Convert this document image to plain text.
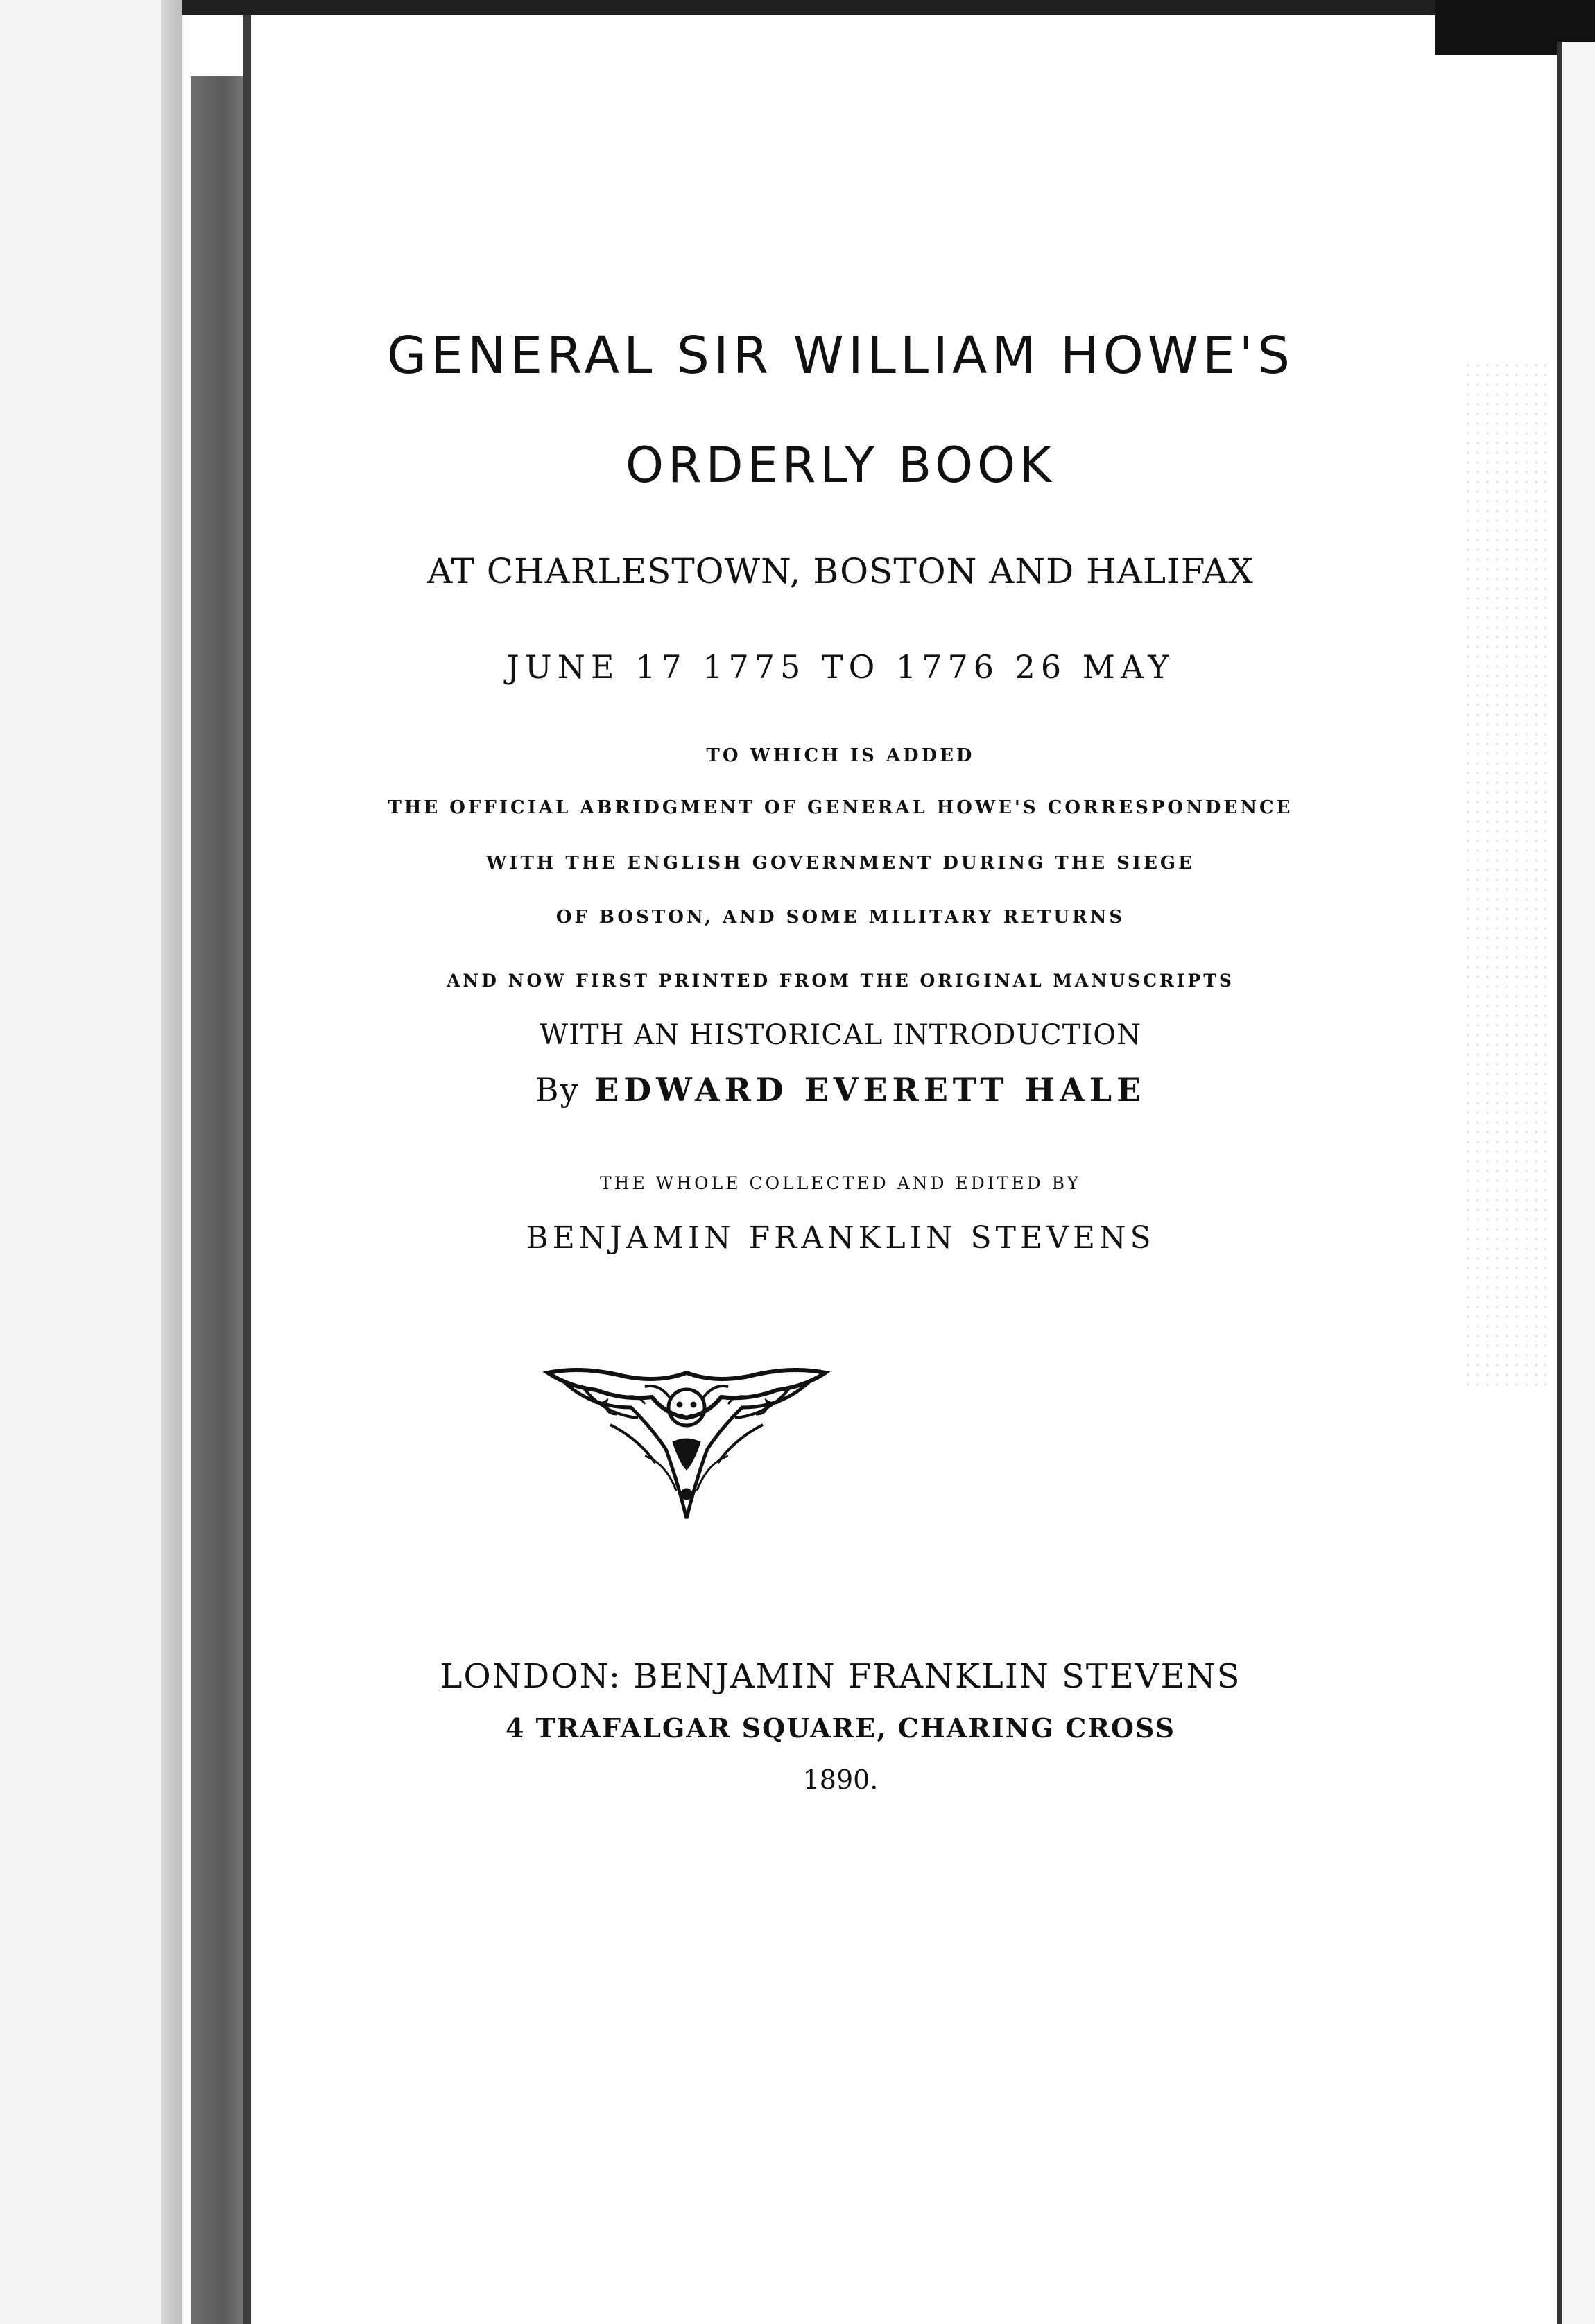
GENERAL SIR WILLIAM HOWE'S
ORDERLY BOOK

AT CHARLESTOWN, BOSTON AND HALIFAX

JUNE 17 1775 TO 1776 26 MAY

TO WHICH IS ADDED

THE OFFICIAL ABRIDGMENT OF GENERAL HOWE'S CORRESPONDENCE

WITH THE ENGLISH GOVERNMENT DURING THE SIEGE

OF BOSTON, AND SOME MILITARY RETURNS

AND NOW FIRST PRINTED FROM THE ORIGINAL MANUSCRIPTS

WITH AN HISTORICAL INTRODUCTION

By EDWARD EVERETT HALE

THE WHOLE COLLECTED AND EDITED BY

BENJAMIN FRANKLIN STEVENS

LONDON: BENJAMIN FRANKLIN STEVENS

4 TRAFALGAR SQUARE, CHARING CROSS

1890.
